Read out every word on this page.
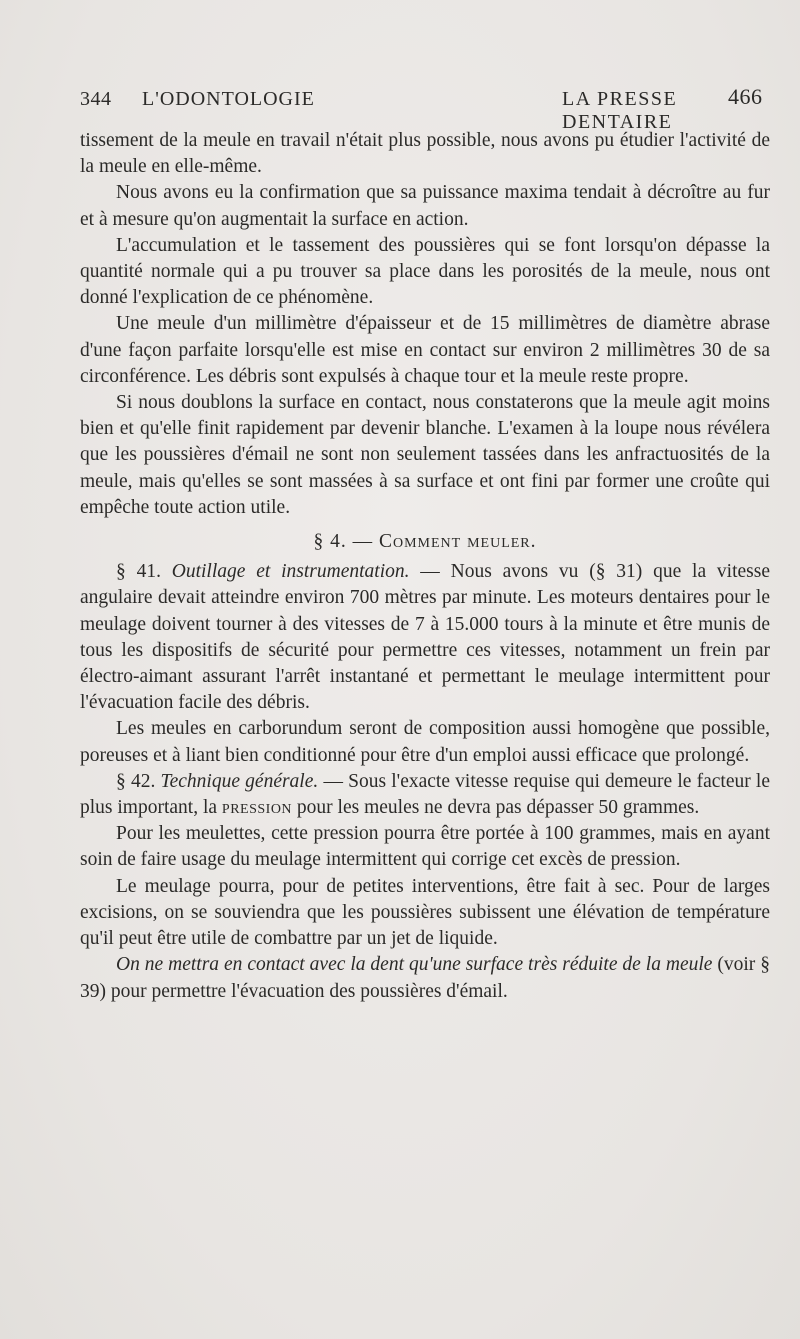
344 L'ODONTOLOGIE	LA PRESSE DENTAIRE
466

tissement de la meule en travail n'était plus possible, nous avons pu étudier l'activité de la meule en elle-même.

Nous avons eu la confirmation que sa puissance maxima tendait à décroître au fur et à mesure qu'on augmentait la surface en action.

L'accumulation et le tassement des poussières qui se font lorsqu'on dépasse la quantité normale qui a pu trouver sa place dans les porosités de la meule, nous ont donné l'explication de ce phénomène.

Une meule d'un millimètre d'épaisseur et de 15 millimètres de diamètre abrase d'une façon parfaite lorsqu'elle est mise en contact sur environ 2 millimètres 30 de sa circonférence. Les débris sont expulsés à chaque tour et la meule reste propre.

Si nous doublons la surface en contact, nous constaterons que la meule agit moins bien et qu'elle finit rapidement par devenir blanche. L'examen à la loupe nous révélera que les poussières d'émail ne sont non seulement tassées dans les anfractuosités de la meule, mais qu'elles se sont massées à sa surface et ont fini par former une croûte qui empêche toute action utile.

§ 4. — Comment meuler.

§ 41. Outillage et instrumentation. — Nous avons vu (§ 31) que la vitesse angulaire devait atteindre environ 700 mètres par minute. Les moteurs dentaires pour le meulage doivent tourner à des vitesses de 7 à 15.000 tours à la minute et être munis de tous les dispositifs de sécurité pour permettre ces vitesses, notamment un frein par électro-aimant assurant l'arrêt instantané et permettant le meulage intermittent pour l'évacuation facile des débris.

Les meules en carborundum seront de composition aussi homogène que possible, poreuses et à liant bien conditionné pour être d'un emploi aussi efficace que prolongé.

§ 42. Technique générale. — Sous l'exacte vitesse requise qui demeure le facteur le plus important, la pression pour les meules ne devra pas dépasser 50 grammes.

Pour les meulettes, cette pression pourra être portée à 100 grammes, mais en ayant soin de faire usage du meulage intermittent qui corrige cet excès de pression.

Le meulage pourra, pour de petites interventions, être fait à sec. Pour de larges excisions, on se souviendra que les poussières subissent une élévation de température qu'il peut être utile de combattre par un jet de liquide.

On ne mettra en contact avec la dent qu'une surface très réduite de la meule (voir § 39) pour permettre l'évacuation des poussières d'émail.
